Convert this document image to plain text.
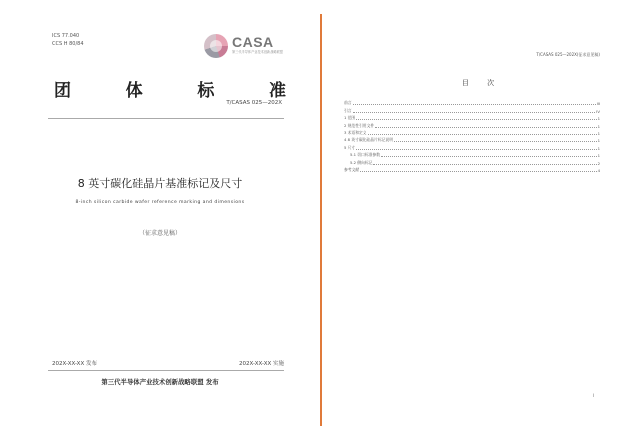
ICS 77.040
CCS H 80/84	CASA
第三代半导体产业技术创新战略联盟
团	体	标	准
T/CASAS 025—202X
8 英寸碳化硅晶片基准标记及尺寸
8-inch silicon carbide wafer reference marking and dimensions
（征求意见稿）
202X-XX-XX 发布	202X-XX-XX 实施
第三代半导体产业技术创新战略联盟 发布
T/CASAS 025—202X(征求意见稿)
目 次
前言	III
引言	IV
1 范围	1
2 规范性引用文件	1
3 术语和定义	1
4 8 英寸碳化硅晶片标记说明	1
5 尺寸	1
5.1 切口标准参数	1
5.2 侧向标记	2
参考文献	4
I
